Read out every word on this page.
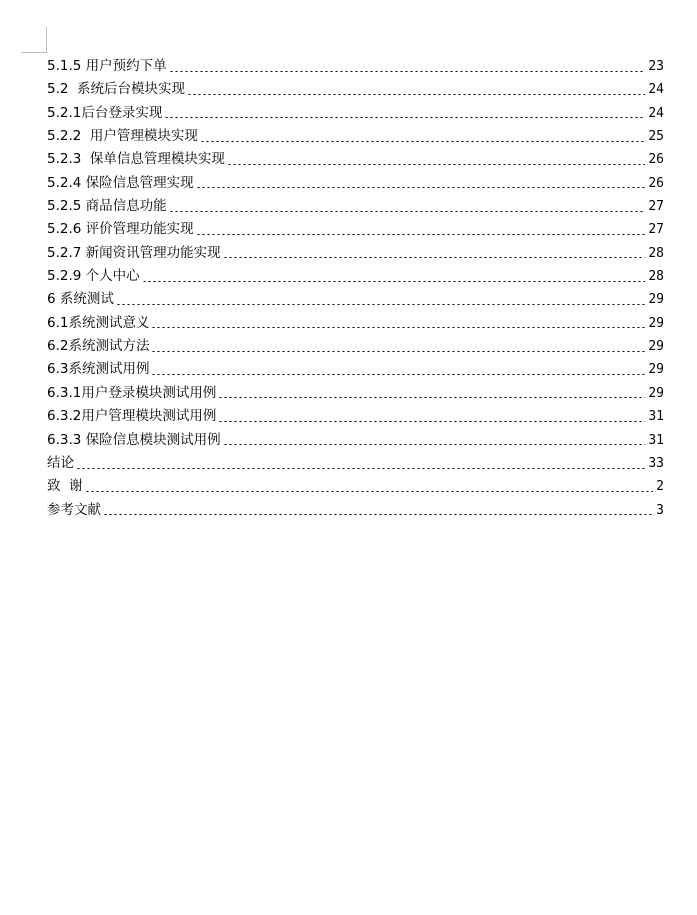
5.1.5 用户预约下单	23
5.2  系统后台模块实现	24
5.2.1后台登录实现	24
5.2.2  用户管理模块实现	25
5.2.3  保单信息管理模块实现	26
5.2.4 保险信息管理实现	26
5.2.5 商品信息功能	27
5.2.6 评价管理功能实现	27
5.2.7 新闻资讯管理功能实现	28
5.2.9 个人中心	28
6 系统测试	29
6.1系统测试意义	29
6.2系统测试方法	29
6.3系统测试用例	29
6.3.1用户登录模块测试用例	29
6.3.2用户管理模块测试用例	31
6.3.3 保险信息模块测试用例	31
结论	33
致  谢	2
参考文献	3
